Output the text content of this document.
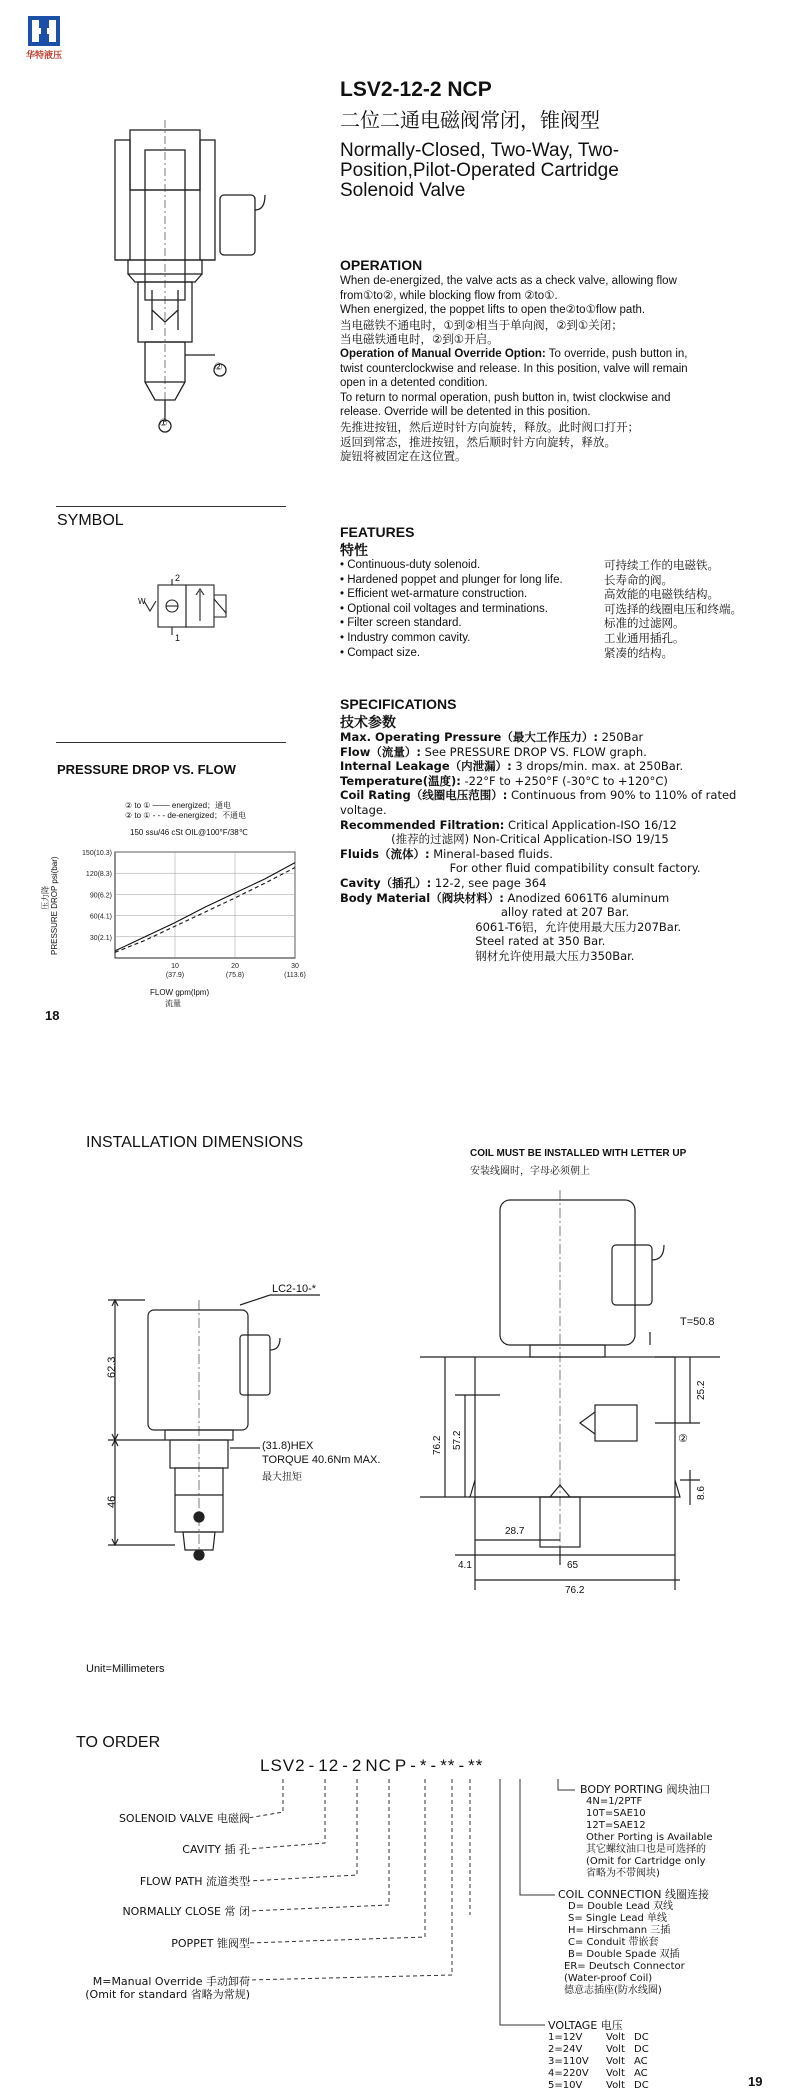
华特液压
LSV2-12-2 NCP
二位二通电磁阀常闭，锥阀型
Normally-Closed, Two-Way, Two-
Position,Pilot-Operated Cartridge
Solenoid Valve
②
①
SYMBOL
2
1
W
PRESSURE DROP VS. FLOW
② to ① ─── energized；通电
② to ① - - - de-energized；不通电
150 ssu/46 cSt OIL@100°F/38℃
压力降 PRESSURE DROP psi(bar)
150(10.3)
120(8.3)
90(6.2)
60(4.1)
30(2.1)
10
(37.9)
20
(75.8)
30
(113.6)
FLOW gpm(lpm)
流量
18
OPERATION
When de-energized, the valve acts as a check valve, allowing flow
from①to②, while blocking flow from ②to①.
When energized, the poppet lifts to open the②to①flow path.
当电磁铁不通电时，①到②相当于单向阀，②到①关闭；
当电磁铁通电时，②到①开启。
Operation of Manual Override Option: To override, push button in,
twist counterclockwise and release. In this position, valve will remain
open in a detented condition.
To return to normal operation, push button in, twist clockwise and
release. Override will be detented in this position.
先推进按钮，然后逆时针方向旋转，释放。此时阀口打开；
返回到常态，推进按钮，然后顺时针方向旋转，释放。
旋钮将被固定在这位置。
FEATURES
特性
• Continuous-duty solenoid.	可持续工作的电磁铁。
• Hardened poppet and plunger for long life.	长寿命的阀。
• Efficient wet-armature construction.	高效能的电磁铁结构。
• Optional coil voltages and terminations.	可选择的线圈电压和终端。
• Filter screen standard.	标准的过滤网。
• Industry common cavity.	工业通用插孔。
• Compact size.	紧凑的结构。
SPECIFICATIONS
技术参数
Max. Operating Pressure（最大工作压力）: 250Bar
Flow（流量）: See PRESSURE DROP VS. FLOW graph.
Internal Leakage（内泄漏）: 3 drops/min. max. at 250Bar.
Temperature(温度): -22°F to +250°F (-30°C to +120°C)
Coil Rating（线圈电压范围）: Continuous from 90% to 110% of rated
voltage.
Recommended Filtration: Critical Application-ISO 16/12
(推荐的过滤网) Non-Critical Application-ISO 19/15
Fluids（流体）: Mineral-based fluids.
For other fluid compatibility consult factory.
Cavity（插孔）: 12-2, see page 364
Body Material（阀块材料）: Anodized 6061T6 aluminum
alloy rated at 207 Bar.
6061-T6铝，允许使用最大压力207Bar.
Steel rated at 350 Bar.
钢材允许使用最大压力350Bar.
INSTALLATION DIMENSIONS
COIL MUST BE INSTALLED WITH LETTER UP
安装线圈时，字母必须朝上
LC2-10-*
(31.8)HEX
TORQUE 40.6Nm MAX.
最大扭矩
62.3
46
T=50.8
25.2
57.2
76.2
8.6
28.7
4.1	65
76.2
②
Unit=Millimeters
TO ORDER
LSV2 - 12 - 2 NC P - * - ** - **
SOLENOID VALVE 电磁阀
CAVITY 插 孔
FLOW PATH 流道类型
NORMALLY CLOSE 常 闭
POPPET 锥阀型
M=Manual Override 手动卸荷
(Omit for standard 省略为常规)
BODY PORTING 阀块油口
4N=1/2PTF
10T=SAE10
12T=SAE12
Other Porting is Available
其它螺纹油口也是可选择的
(Omit for Cartridge only
省略为不带阀块)
COIL CONNECTION 线圈连接
D= Double Lead 双线
S= Single Lead 单线
H= Hirschmann 三插
C= Conduit 带嵌套
B= Double Spade 双插
ER= Deutsch Connector
(Water-proof Coil)
德意志插座(防水线圈)
VOLTAGE 电压
1=12V Volt DC
2=24V Volt DC
3=110V Volt AC
4=220V Volt AC
5=10V Volt DC	19
